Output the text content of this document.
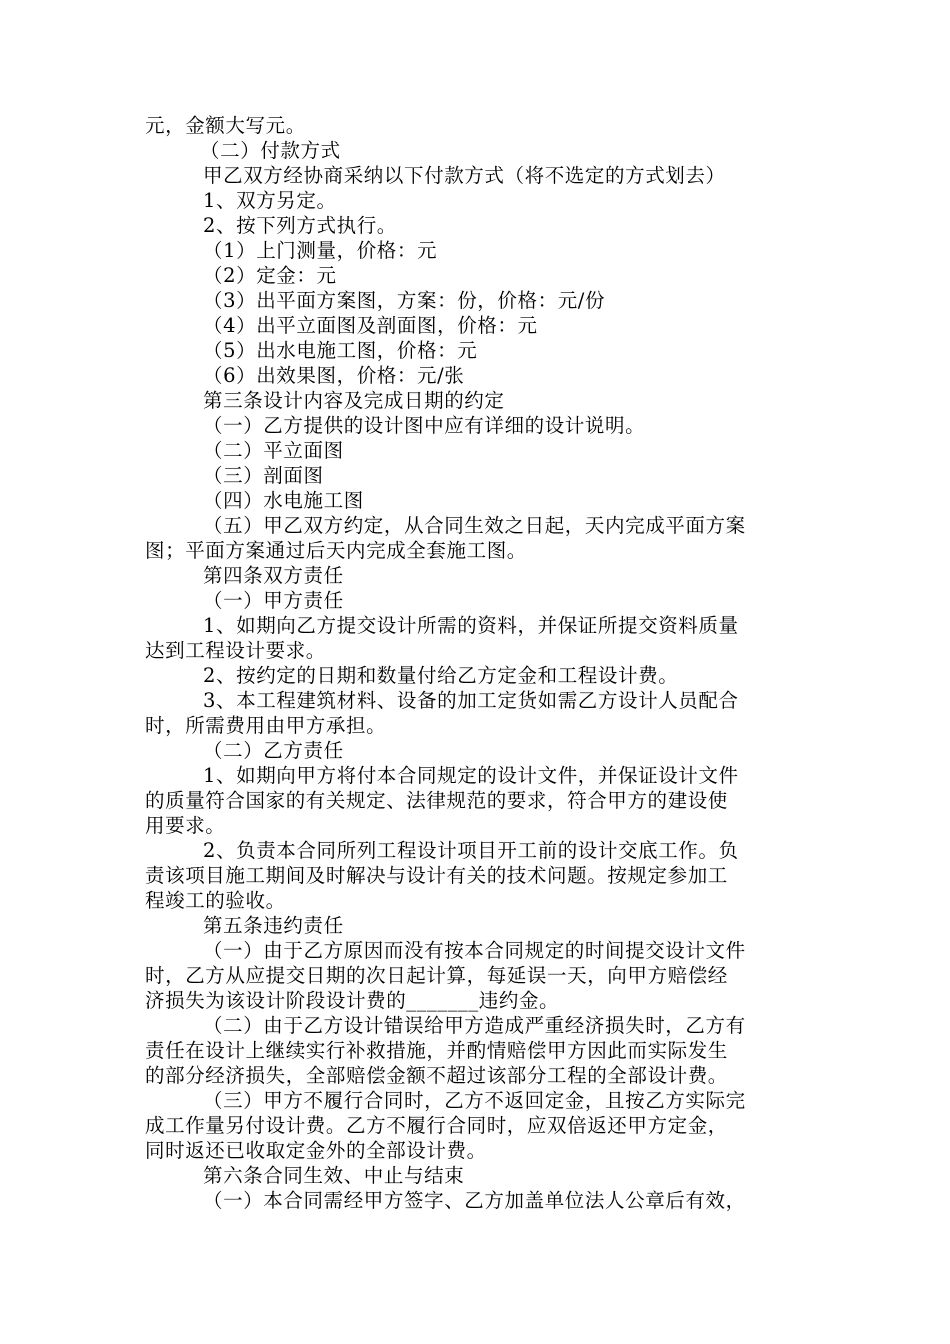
元，金额大写元。
（二）付款方式
甲乙双方经协商采纳以下付款方式（将不选定的方式划去）
1、双方另定。
2、按下列方式执行。
（1）上门测量，价格：元
（2）定金：元
（3）出平面方案图，方案：份，价格：元/份
（4）出平立面图及剖面图，价格：元
（5）出水电施工图，价格：元
（6）出效果图，价格：元/张
第三条设计内容及完成日期的约定
（一）乙方提供的设计图中应有详细的设计说明。
（二）平立面图
（三）剖面图
（四）水电施工图
（五）甲乙双方约定，从合同生效之日起，天内完成平面方案
图；平面方案通过后天内完成全套施工图。
第四条双方责任
（一）甲方责任
1、如期向乙方提交设计所需的资料，并保证所提交资料质量
达到工程设计要求。
2、按约定的日期和数量付给乙方定金和工程设计费。
3、本工程建筑材料、设备的加工定货如需乙方设计人员配合
时，所需费用由甲方承担。
（二）乙方责任
1、如期向甲方将付本合同规定的设计文件，并保证设计文件
的质量符合国家的有关规定、法律规范的要求，符合甲方的建设使
用要求。
2、负责本合同所列工程设计项目开工前的设计交底工作。负
责该项目施工期间及时解决与设计有关的技术问题。按规定参加工
程竣工的验收。
第五条违约责任
（一）由于乙方原因而没有按本合同规定的时间提交设计文件
时，乙方从应提交日期的次日起计算，每延误一天，向甲方赔偿经
济损失为该设计阶段设计费的_______违约金。
（二）由于乙方设计错误给甲方造成严重经济损失时，乙方有
责任在设计上继续实行补救措施，并酌情赔偿甲方因此而实际发生
的部分经济损失，全部赔偿金额不超过该部分工程的全部设计费。
（三）甲方不履行合同时，乙方不返回定金，且按乙方实际完
成工作量另付设计费。乙方不履行合同时，应双倍返还甲方定金，
同时返还已收取定金外的全部设计费。
第六条合同生效、中止与结束
（一）本合同需经甲方签字、乙方加盖单位法人公章后有效，
